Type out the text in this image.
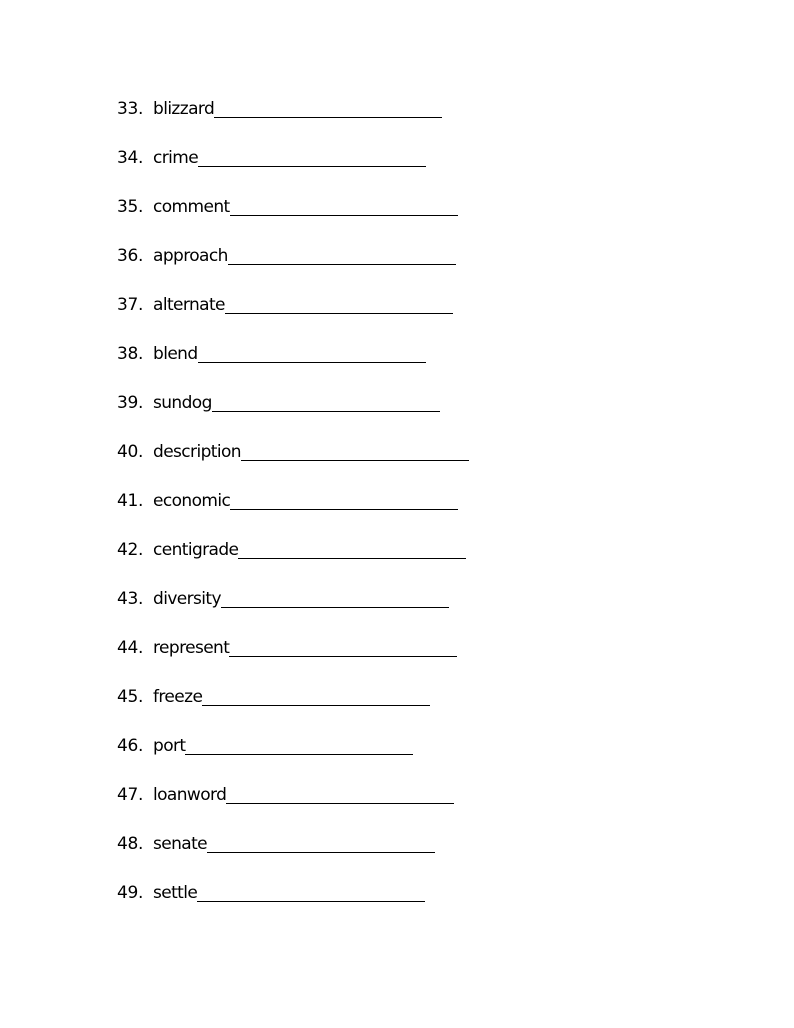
33. blizzard
34. crime
35. comment
36. approach
37. alternate
38. blend
39. sundog
40. description
41. economic
42. centigrade
43. diversity
44. represent
45. freeze
46. port
47. loanword
48. senate
49. settle
